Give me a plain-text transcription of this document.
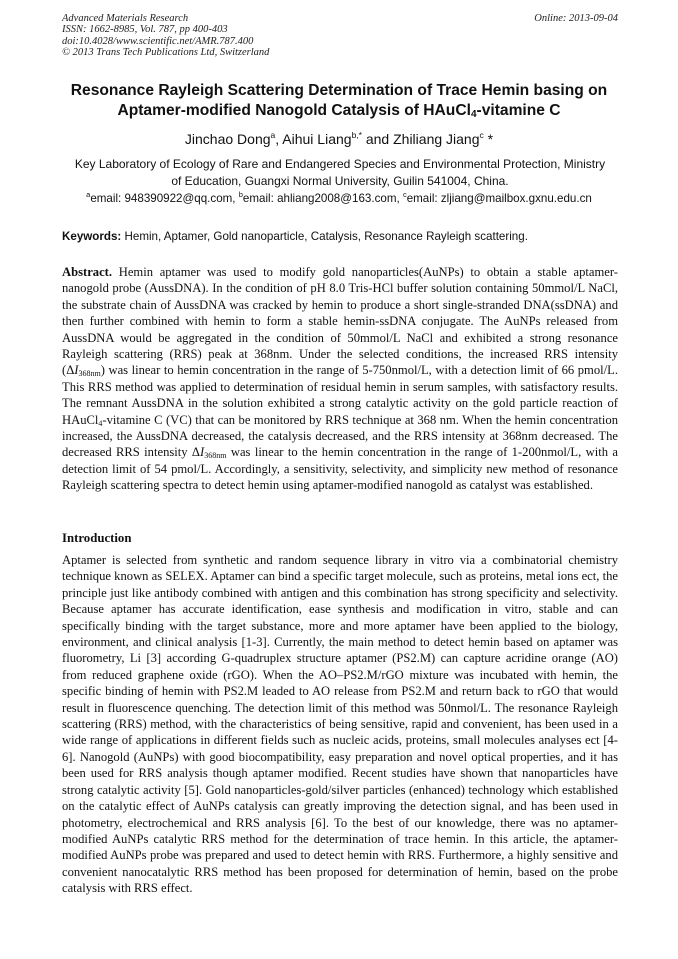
Advanced Materials Research
ISSN: 1662-8985, Vol. 787, pp 400-403
doi:10.4028/www.scientific.net/AMR.787.400
© 2013 Trans Tech Publications Ltd, Switzerland
Online: 2013-09-04
Resonance Rayleigh Scattering Determination of Trace Hemin basing on
Aptamer-modified Nanogold Catalysis of HAuCl$_4$-vitamine C
Jinchao Dong$^a$, Aihui Liang$^{b,*}$ and Zhiliang Jiang$^c$ *
Key Laboratory of Ecology of Rare and Endangered Species and Environmental Protection, Ministry
of Education, Guangxi Normal University, Guilin 541004, China.
$^a$email: 948390922@qq.com, $^b$email: ahliang2008@163.com, $^c$email: zljiang@mailbox.gxnu.edu.cn
Keywords: Hemin, Aptamer, Gold nanoparticle, Catalysis, Resonance Rayleigh scattering.

Abstract. Hemin aptamer was used to modify gold nanoparticles(AuNPs) to obtain a stable aptamer-nanogold probe (AussDNA). In the condition of pH 8.0 Tris-HCl buffer solution containing 50mmol/L NaCl, the substrate chain of AussDNA was cracked by hemin to produce a short single-stranded DNA(ssDNA) and then further combined with hemin to form a stable hemin-ssDNA conjugate. The AuNPs released from AussDNA would be aggregated in the condition of 50mmol/L NaCl and exhibited a strong resonance Rayleigh scattering (RRS) peak at 368nm. Under the selected conditions, the increased RRS intensity $(\Delta I_{368nm})$ was linear to hemin concentration in the range of 5-750nmol/L, with a detection limit of 66 pmol/L. This RRS method was applied to determination of residual hemin in serum samples, with satisfactory results. The remnant AussDNA in the solution exhibited a strong catalytic activity on the gold particle reaction of HAuCl$_4$-vitamine C (VC) that can be monitored by RRS technique at 368 nm. When the hemin concentration increased, the AussDNA decreased, the catalysis decreased, and the RRS intensity at 368nm decreased. The decreased RRS intensity $\Delta I_{368nm}$ was linear to the hemin concentration in the range of 1-200nmol/L, with a detection limit of 54 pmol/L. Accordingly, a sensitivity, selectivity, and simplicity new method of resonance Rayleigh scattering spectra to detect hemin using aptamer-modified nanogold as catalyst was established.

Introduction

Aptamer is selected from synthetic and random sequence library in vitro via a combinatorial chemistry technique known as SELEX. Aptamer can bind a specific target molecule, such as proteins, metal ions ect, the principle just like antibody combined with antigen and this combination has strong specificity and selectivity. Because aptamer has accurate identification, ease synthesis and modification in vitro, stable and can specifically binding with the target substance, more and more aptamer have been applied to the biology, environment, and clinical analysis [1-3]. Currently, the main method to detect hemin based on aptamer was fluorometry, Li [3] according G-quadruplex structure aptamer (PS2.M) can capture acridine orange (AO) from reduced graphene oxide (rGO). When the AO–PS2.M/rGO mixture was incubated with hemin, the specific binding of hemin with PS2.M leaded to AO release from PS2.M and return back to rGO that would result in fluorescence quenching. The detection limit of this method was 50nmol/L. The resonance Rayleigh scattering (RRS) method, with the characteristics of being sensitive, rapid and convenient, has been used in a wide range of applications in different fields such as nucleic acids, proteins, small molecules analyses ect [4-6]. Nanogold (AuNPs) with good biocompatibility, easy preparation and novel optical properties, and it has been used for RRS analysis though aptamer modified. Recent studies have shown that nanoparticles have strong catalytic activity [5]. Gold nanoparticles-gold/silver particles (enhanced) technology which established on the catalytic effect of AuNPs catalysis can greatly improving the detection signal, and has been used in photometry, electrochemical and RRS analysis [6]. To the best of our knowledge, there was no aptamer-modified AuNPs catalytic RRS method for the determination of trace hemin. In this article, the aptamer-modified AuNPs probe was prepared and used to detect hemin with RRS. Furthermore, a highly sensitive and convenient nanocatalytic RRS method has been proposed for determination of hemin, based on the probe catalysis with RRS effect.
